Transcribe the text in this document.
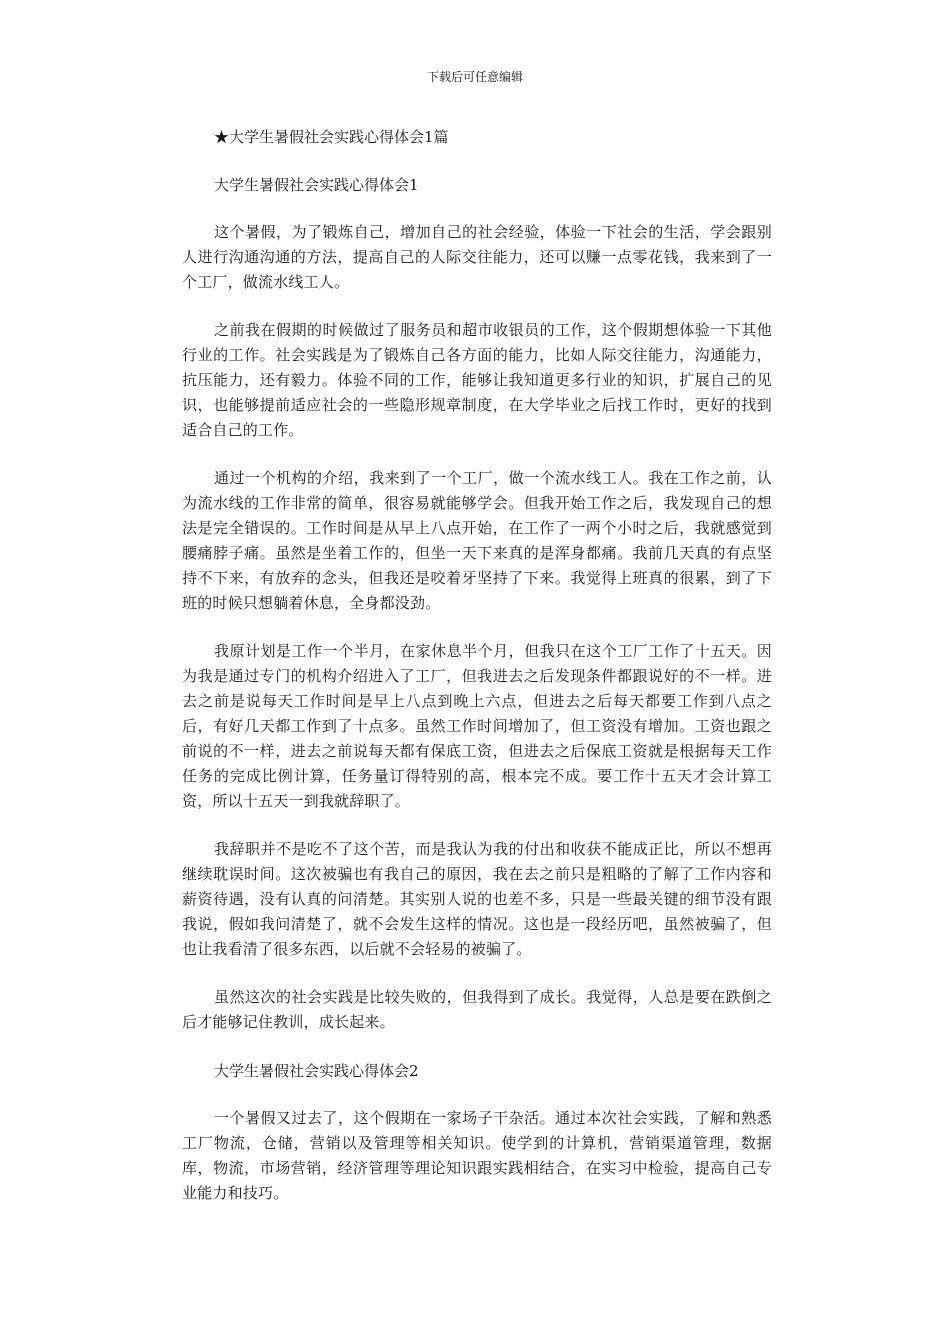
下载后可任意编辑

★大学生暑假社会实践心得体会1篇

大学生暑假社会实践心得体会1

这个暑假，为了锻炼自己，增加自己的社会经验，体验一下社会的生活，学会跟别人进行沟通沟通的方法，提高自己的人际交往能力，还可以赚一点零花钱，我来到了一个工厂，做流水线工人。

之前我在假期的时候做过了服务员和超市收银员的工作，这个假期想体验一下其他行业的工作。社会实践是为了锻炼自己各方面的能力，比如人际交往能力，沟通能力，抗压能力，还有毅力。体验不同的工作，能够让我知道更多行业的知识，扩展自己的见识，也能够提前适应社会的一些隐形规章制度，在大学毕业之后找工作时，更好的找到适合自己的工作。

通过一个机构的介绍，我来到了一个工厂，做一个流水线工人。我在工作之前，认为流水线的工作非常的简单，很容易就能够学会。但我开始工作之后，我发现自己的想法是完全错误的。工作时间是从早上八点开始，在工作了一两个小时之后，我就感觉到腰痛脖子痛。虽然是坐着工作的，但坐一天下来真的是浑身都痛。我前几天真的有点坚持不下来，有放弃的念头，但我还是咬着牙坚持了下来。我觉得上班真的很累，到了下班的时候只想躺着休息，全身都没劲。

我原计划是工作一个半月，在家休息半个月，但我只在这个工厂工作了十五天。因为我是通过专门的机构介绍进入了工厂，但我进去之后发现条件都跟说好的不一样。进去之前是说每天工作时间是早上八点到晚上六点，但进去之后每天都要工作到八点之后，有好几天都工作到了十点多。虽然工作时间增加了，但工资没有增加。工资也跟之前说的不一样，进去之前说每天都有保底工资，但进去之后保底工资就是根据每天工作任务的完成比例计算，任务量订得特别的高，根本完不成。要工作十五天才会计算工资，所以十五天一到我就辞职了。

我辞职并不是吃不了这个苦，而是我认为我的付出和收获不能成正比，所以不想再继续耽误时间。这次被骗也有我自己的原因，我在去之前只是粗略的了解了工作内容和薪资待遇，没有认真的问清楚。其实别人说的也差不多，只是一些最关键的细节没有跟我说，假如我问清楚了，就不会发生这样的情况。这也是一段经历吧，虽然被骗了，但也让我看清了很多东西，以后就不会轻易的被骗了。

虽然这次的社会实践是比较失败的，但我得到了成长。我觉得，人总是要在跌倒之后才能够记住教训，成长起来。

大学生暑假社会实践心得体会2

一个暑假又过去了，这个假期在一家场子干杂活。通过本次社会实践，了解和熟悉工厂物流，仓储，营销以及管理等相关知识。使学到的计算机，营销渠道管理，数据库，物流，市场营销，经济管理等理论知识跟实践相结合，在实习中检验，提高自己专业能力和技巧。
